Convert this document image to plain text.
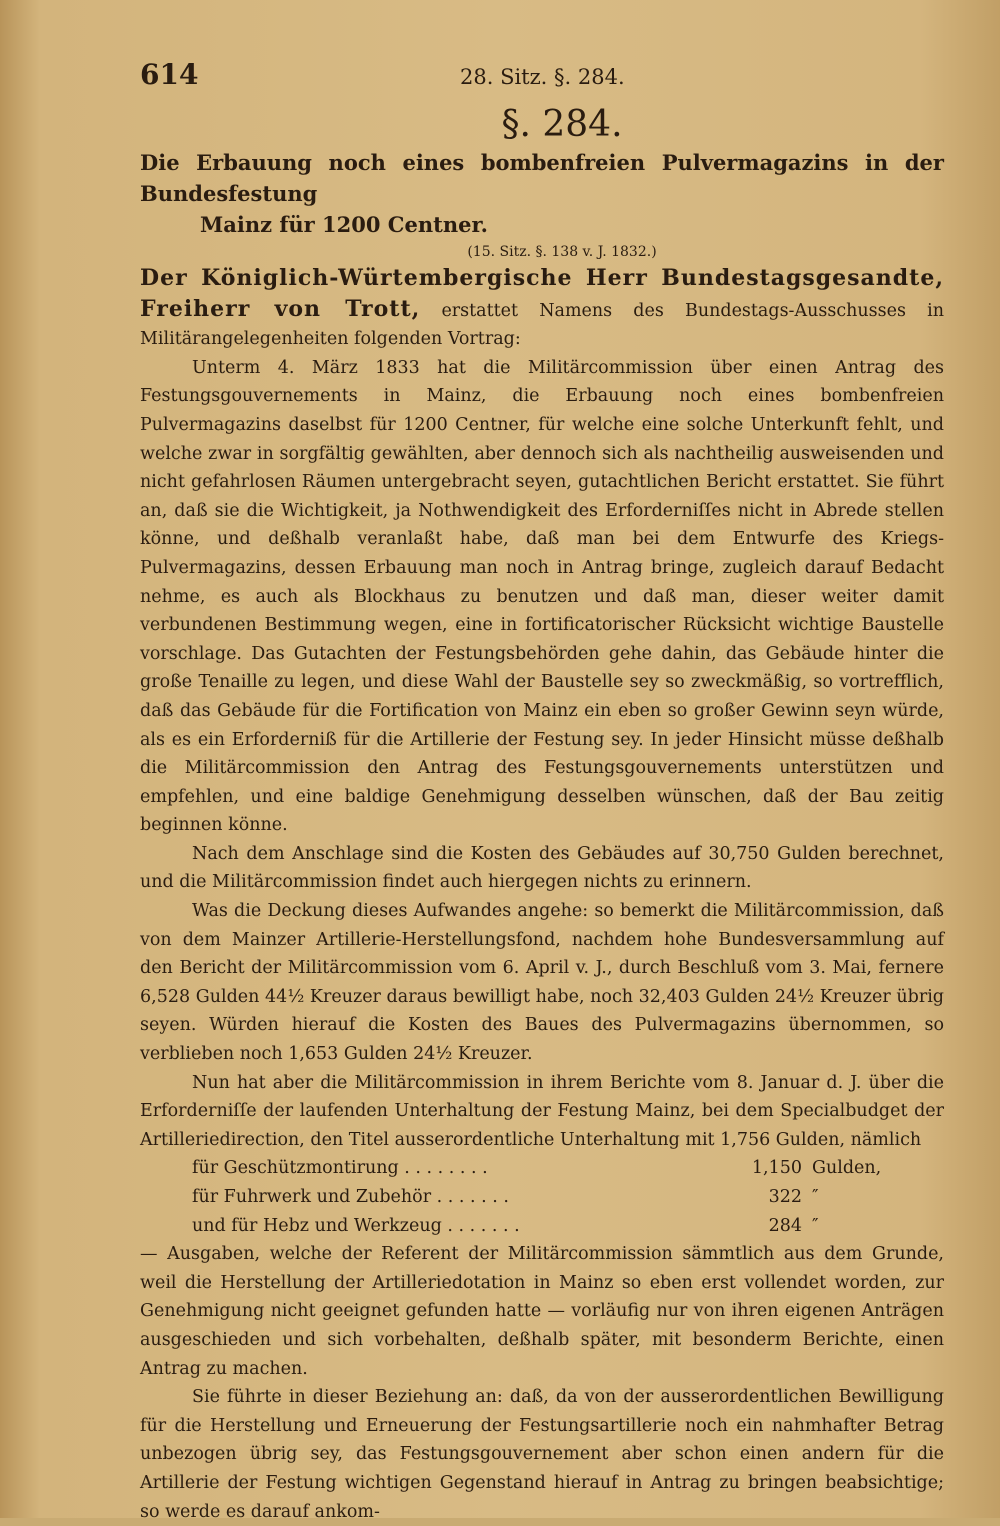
614	28. Sitz. §. 284.
§. 284.

Die Erbauung noch eines bombenfreien Pulvermagazins in der Bundesfestung
Mainz für 1200 Centner.

(15. Sitz. §. 138 v. J. 1832.)

Der Königlich-Würtembergische Herr Bundestagsgesandte, Freiherr von Trott, erstattet Namens des Bundestags-Ausschusses in Militärangelegenheiten folgenden Vortrag:

Unterm 4. März 1833 hat die Militärcommission über einen Antrag des Festungsgouvernements in Mainz, die Erbauung noch eines bombenfreien Pulvermagazins daselbst für 1200 Centner, für welche eine solche Unterkunft fehlt, und welche zwar in sorgfältig gewählten, aber dennoch sich als nachtheilig ausweisenden und nicht gefahrlosen Räumen untergebracht seyen, gutachtlichen Bericht erstattet. Sie führt an, daß sie die Wichtigkeit, ja Nothwendigkeit des Erforderniſſes nicht in Abrede stellen könne, und deßhalb veranlaßt habe, daß man bei dem Entwurfe des Kriegs-Pulvermagazins, dessen Erbauung man noch in Antrag bringe, zugleich darauf Bedacht nehme, es auch als Blockhaus zu benutzen und daß man, dieser weiter damit verbundenen Bestimmung wegen, eine in fortificatorischer Rücksicht wichtige Baustelle vorschlage. Das Gutachten der Festungsbehörden gehe dahin, das Gebäude hinter die große Tenaille zu legen, und diese Wahl der Baustelle sey so zweckmäßig, so vortrefflich, daß das Gebäude für die Fortification von Mainz ein eben so großer Gewinn seyn würde, als es ein Erforderniß für die Artillerie der Festung sey. In jeder Hinsicht müsse deßhalb die Militärcommission den Antrag des Festungsgouvernements unterstützen und empfehlen, und eine baldige Genehmigung desselben wünschen, daß der Bau zeitig beginnen könne.

Nach dem Anschlage sind die Kosten des Gebäudes auf 30,750 Gulden berechnet, und die Militärcommission findet auch hiergegen nichts zu erinnern.

Was die Deckung dieses Aufwandes angehe: so bemerkt die Militärcommission, daß von dem Mainzer Artillerie-Herstellungsfond, nachdem hohe Bundesversammlung auf den Bericht der Militärcommission vom 6. April v. J., durch Beschluß vom 3. Mai, fernere 6,528 Gulden 44½ Kreuzer daraus bewilligt habe, noch 32,403 Gulden 24½ Kreuzer übrig seyen. Würden hierauf die Kosten des Baues des Pulvermagazins übernommen, so verblieben noch 1,653 Gulden 24½ Kreuzer.

Nun hat aber die Militärcommission in ihrem Berichte vom 8. Januar d. J. über die Erforderniſſe der laufenden Unterhaltung der Festung Mainz, bei dem Specialbudget der Artilleriedirection, den Titel ausserordentliche Unterhaltung mit 1,756 Gulden, nämlich

für Geschützmontirung . . . . . . . .	1,150 Gulden,
für Fuhrwerk und Zubehör . . . . . . .	322 ″
und für Hebz und Werkzeug . . . . . . .	284 ″

— Ausgaben, welche der Referent der Militärcommission sämmtlich aus dem Grunde, weil die Herstellung der Artilleriedotation in Mainz so eben erst vollendet worden, zur Genehmigung nicht geeignet gefunden hatte — vorläufig nur von ihren eigenen Anträgen ausgeschieden und sich vorbehalten, deßhalb später, mit besonderm Berichte, einen Antrag zu machen.

Sie führte in dieser Beziehung an: daß, da von der ausserordentlichen Bewilligung für die Herstellung und Erneuerung der Festungsartillerie noch ein nahmhafter Betrag unbezogen übrig sey, das Festungsgouvernement aber schon einen andern für die Artillerie der Festung wichtigen Gegenstand hierauf in Antrag zu bringen beabsichtige; so werde es darauf ankom-
